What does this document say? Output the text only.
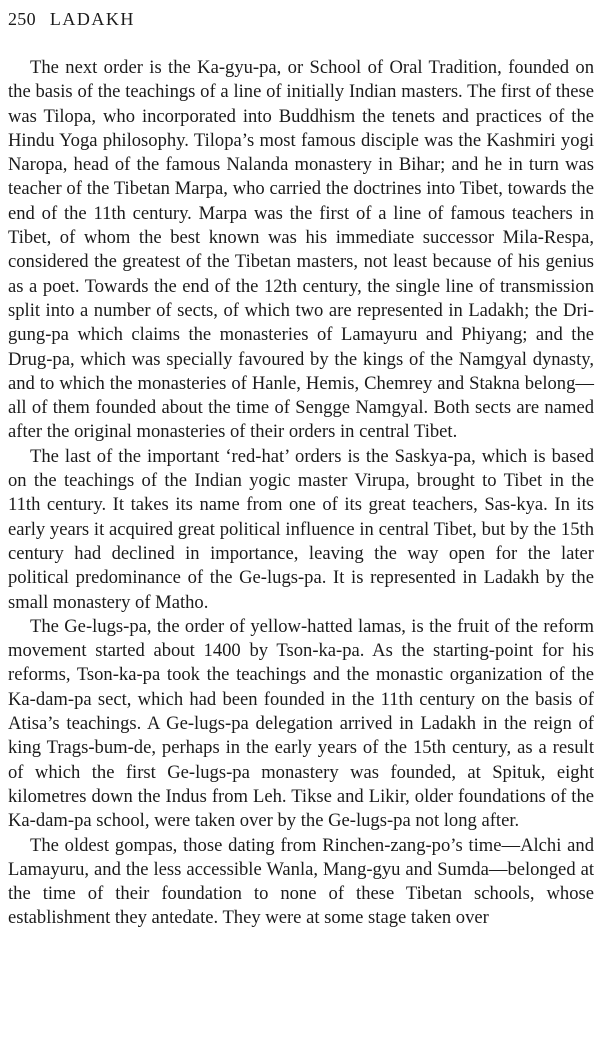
250 LADAKH

The next order is the Ka-gyu-pa, or School of Oral Tradition, founded on the basis of the teachings of a line of initially Indian masters. The first of these was Tilopa, who incorporated into Buddhism the tenets and practices of the Hindu Yoga philosophy. Tilopa’s most famous disciple was the Kashmiri yogi Naropa, head of the famous Nalanda monastery in Bihar; and he in turn was teacher of the Tibetan Marpa, who carried the doctrines into Tibet, towards the end of the 11th century. Marpa was the first of a line of famous teachers in Tibet, of whom the best known was his immediate successor Mila-Respa, considered the greatest of the Tibetan masters, not least because of his genius as a poet. Towards the end of the 12th century, the single line of transmission split into a number of sects, of which two are represented in Ladakh; the Dri-gung-pa which claims the monasteries of Lamayuru and Phiyang; and the Drug-pa, which was specially favoured by the kings of the Namgyal dynasty, and to which the monasteries of Hanle, Hemis, Chemrey and Stakna belong—all of them founded about the time of Sengge Namgyal. Both sects are named after the original monasteries of their orders in central Tibet.

The last of the important ‘red-hat’ orders is the Saskya-pa, which is based on the teachings of the Indian yogic master Virupa, brought to Tibet in the 11th century. It takes its name from one of its great teachers, Sas-kya. In its early years it acquired great political influence in central Tibet, but by the 15th century had declined in importance, leaving the way open for the later political predominance of the Ge-lugs-pa. It is represented in Ladakh by the small monastery of Matho.

The Ge-lugs-pa, the order of yellow-hatted lamas, is the fruit of the reform movement started about 1400 by Tson-ka-pa. As the starting-point for his reforms, Tson-ka-pa took the teachings and the monastic organization of the Ka-dam-pa sect, which had been founded in the 11th century on the basis of Atisa’s teachings. A Ge-lugs-pa delegation arrived in Ladakh in the reign of king Trags-bum-de, perhaps in the early years of the 15th century, as a result of which the first Ge-lugs-pa monastery was founded, at Spituk, eight kilometres down the Indus from Leh. Tikse and Likir, older foundations of the Ka-dam-pa school, were taken over by the Ge-lugs-pa not long after.

The oldest gompas, those dating from Rinchen-zang-po’s time—Alchi and Lamayuru, and the less accessible Wanla, Mang-gyu and Sumda—belonged at the time of their foundation to none of these Tibetan schools, whose establishment they antedate. They were at some stage taken over
